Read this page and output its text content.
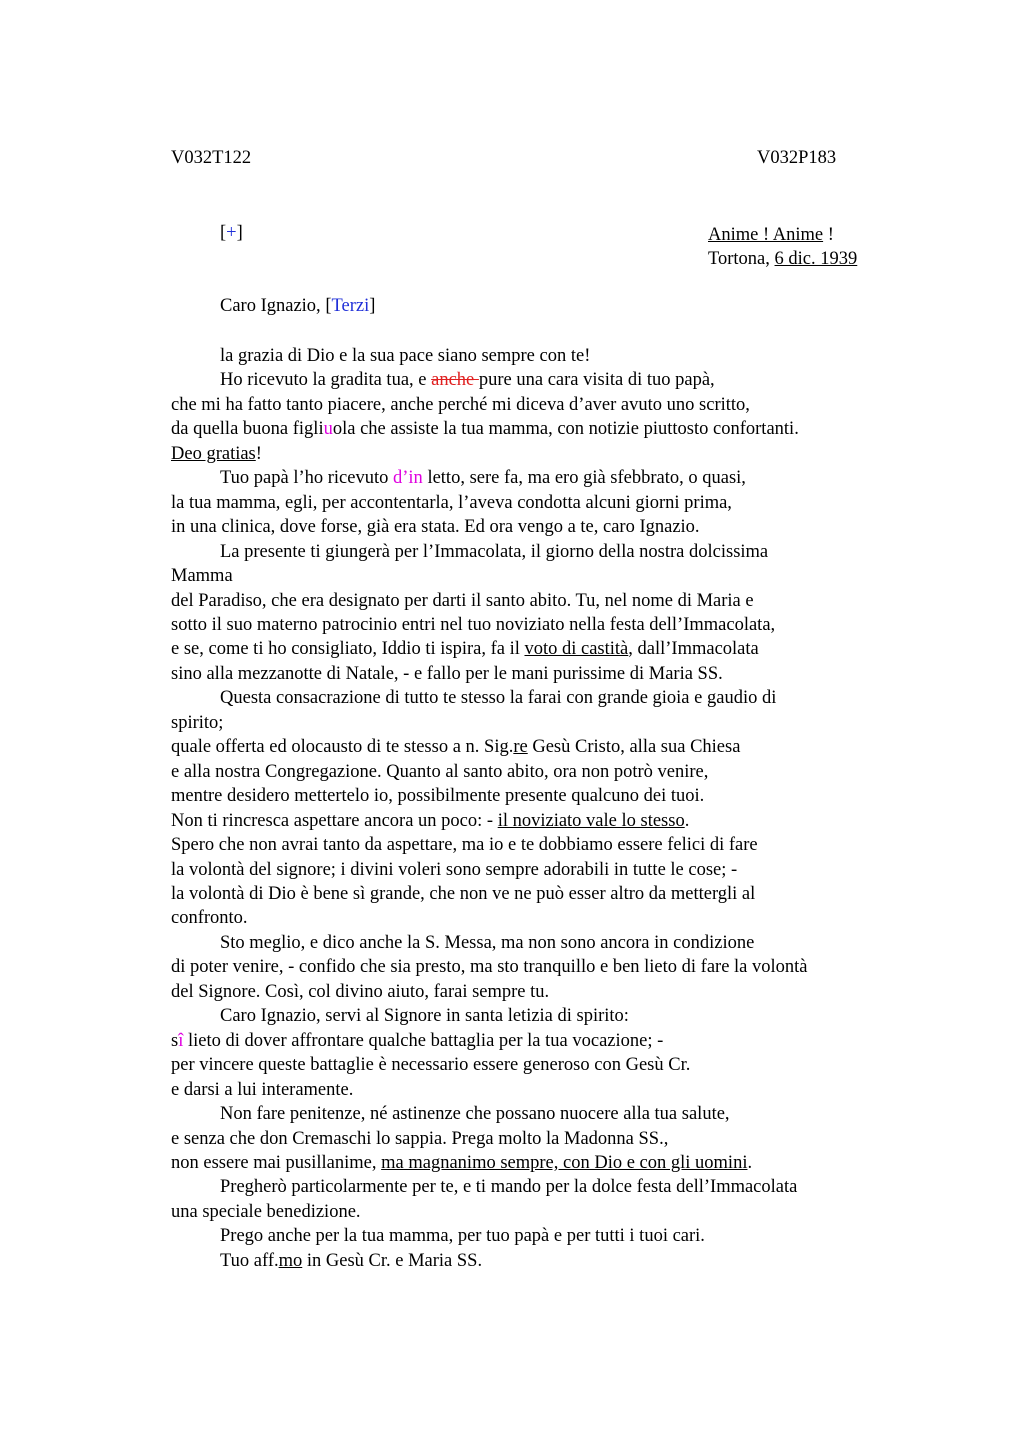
V032T122	V032P183
[+]	Anime ! Anime !
Tortona, 6 dic. 1939
Caro Ignazio, [Terzi]
la grazia di Dio e la sua pace siano sempre con te!
Ho ricevuto la gradita tua, e anche pure una cara visita di tuo papà,
che mi ha fatto tanto piacere, anche perché mi diceva d’aver avuto uno scritto,
da quella buona figliuola che assiste la tua mamma, con notizie piuttosto confortanti.
Deo gratias!
Tuo papà l’ho ricevuto d’in letto, sere fa, ma ero già sfebbrato, o quasi,
la tua mamma, egli, per accontentarla, l’aveva condotta alcuni giorni prima,
in una clinica, dove forse, già era stata. Ed ora vengo a te, caro Ignazio.
La presente ti giungerà per l’Immacolata, il giorno della nostra dolcissima
Mamma
del Paradiso, che era designato per darti il santo abito. Tu, nel nome di Maria e
sotto il suo materno patrocinio entri nel tuo noviziato nella festa dell’Immacolata,
e se, come ti ho consigliato, Iddio ti ispira, fa il voto di castità, dall’Immacolata
sino alla mezzanotte di Natale, - e fallo per le mani purissime di Maria SS.
Questa consacrazione di tutto te stesso la farai con grande gioia e gaudio di
spirito;
quale offerta ed olocausto di te stesso a n. Sig.re Gesù Cristo, alla sua Chiesa
e alla nostra Congregazione. Quanto al santo abito, ora non potrò venire,
mentre desidero mettertelo io, possibilmente presente qualcuno dei tuoi.
Non ti rincresca aspettare ancora un poco: - il noviziato vale lo stesso.
Spero che non avrai tanto da aspettare, ma io e te dobbiamo essere felici di fare
la volontà del signore; i divini voleri sono sempre adorabili in tutte le cose; -
la volontà di Dio è bene sì grande, che non ve ne può esser altro da mettergli al
confronto.
Sto meglio, e dico anche la S. Messa, ma non sono ancora in condizione
di poter venire, - confido che sia presto, ma sto tranquillo e ben lieto di fare la volontà
del Signore. Così, col divino aiuto, farai sempre tu.
Caro Ignazio, servi al Signore in santa letizia di spirito:
sî lieto di dover affrontare qualche battaglia per la tua vocazione; -
per vincere queste battaglie è necessario essere generoso con Gesù Cr.
e darsi a lui interamente.
Non fare penitenze, né astinenze che possano nuocere alla tua salute,
e senza che don Cremaschi lo sappia. Prega molto la Madonna SS.,
non essere mai pusillanime, ma magnanimo sempre, con Dio e con gli uomini.
Pregherò particolarmente per te, e ti mando per la dolce festa dell’Immacolata
una speciale benedizione.
Prego anche per la tua mamma, per tuo papà e per tutti i tuoi cari.
Tuo aff.mo in Gesù Cr. e Maria SS.
